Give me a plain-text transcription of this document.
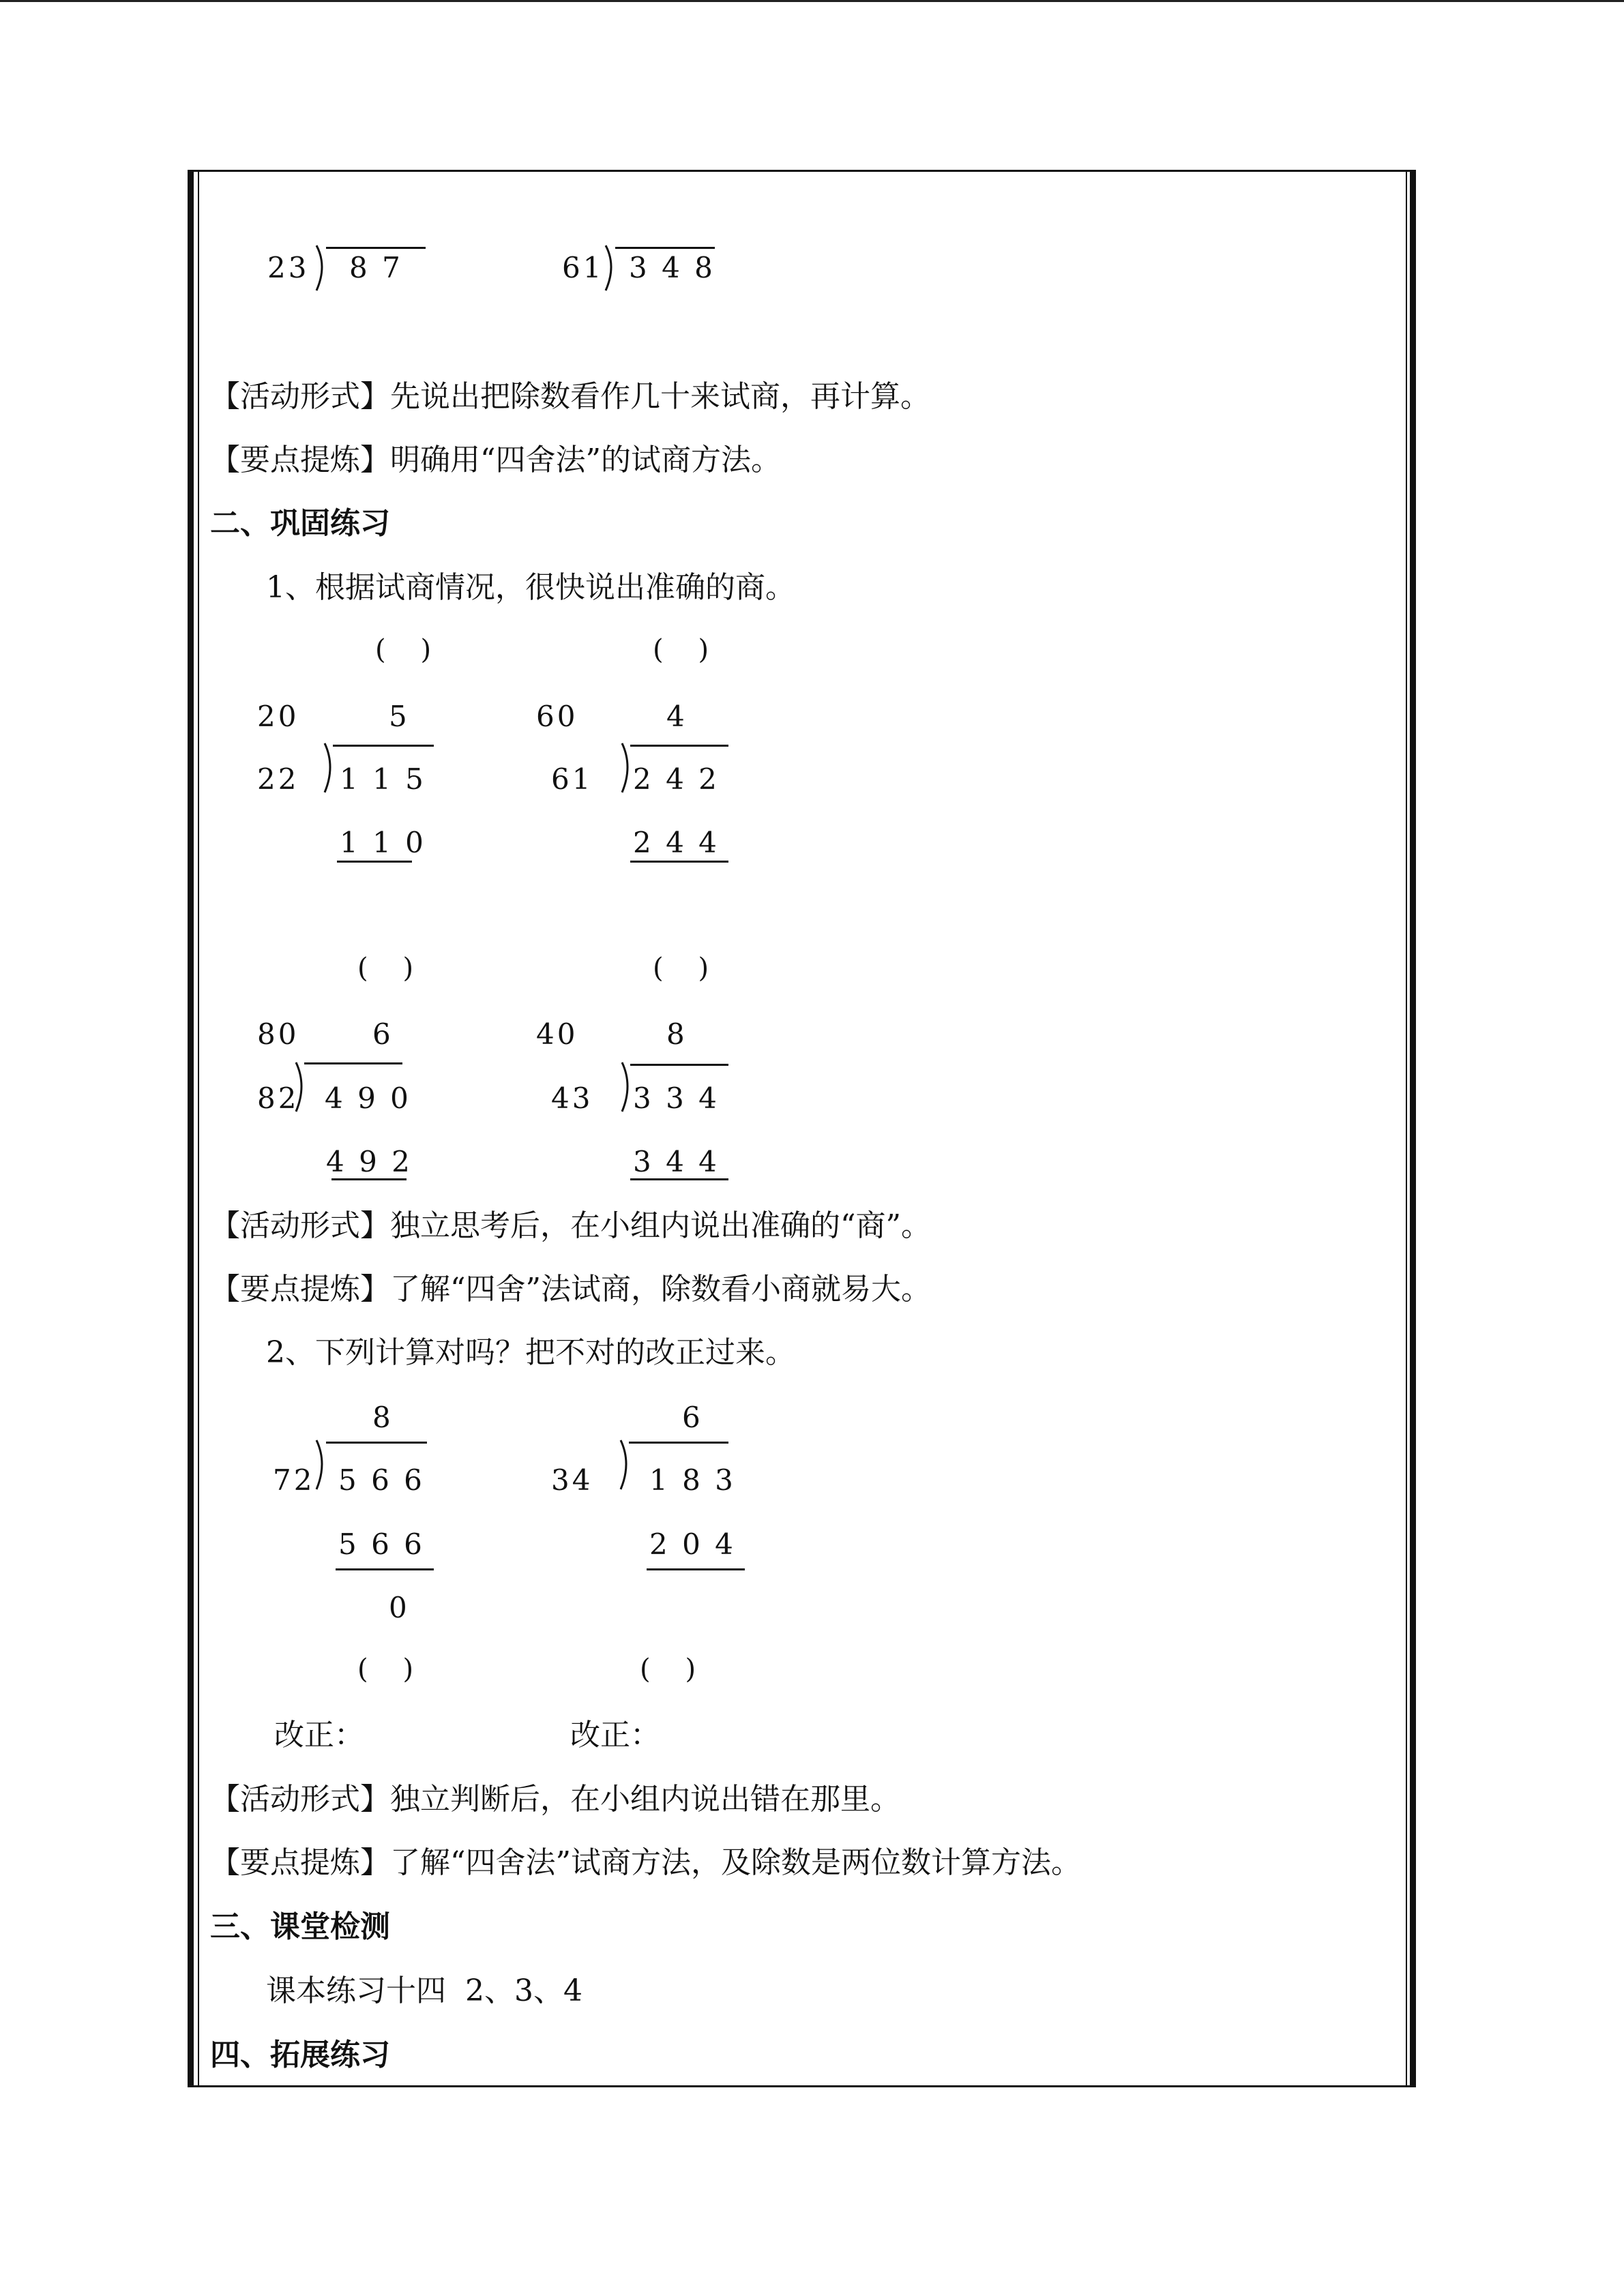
23 8 7	61 3 4 8
【活动形式】先说出把除数看作几十来试商，再计算。
【要点提炼】明确用“四舍法”的试商方法。
二、巩固练习
1、根据试商情况，很快说出准确的商。
(    )	(    )
20	5
22 1 1 5
1 1 0
60	4
61 2 4 2
2 4 4
(    )	(    )
80	6
82 4 9 0
4 9 2
40	8
43 3 3 4
3 4 4
【活动形式】独立思考后，在小组内说出准确的“商”。
【要点提炼】了解“四舍”法试商，除数看小商就易大。
2、下列计算对吗？把不对的改正过来。
8
72 5 6 6
5 6 6
0
6
34 1 8 3
2 0 4
(    )	(    )
改正：	改正：
【活动形式】独立判断后，在小组内说出错在那里。
【要点提炼】了解“四舍法”试商方法，及除数是两位数计算方法。
三、课堂检测
课本练习十四  2、3、4
四、拓展练习
